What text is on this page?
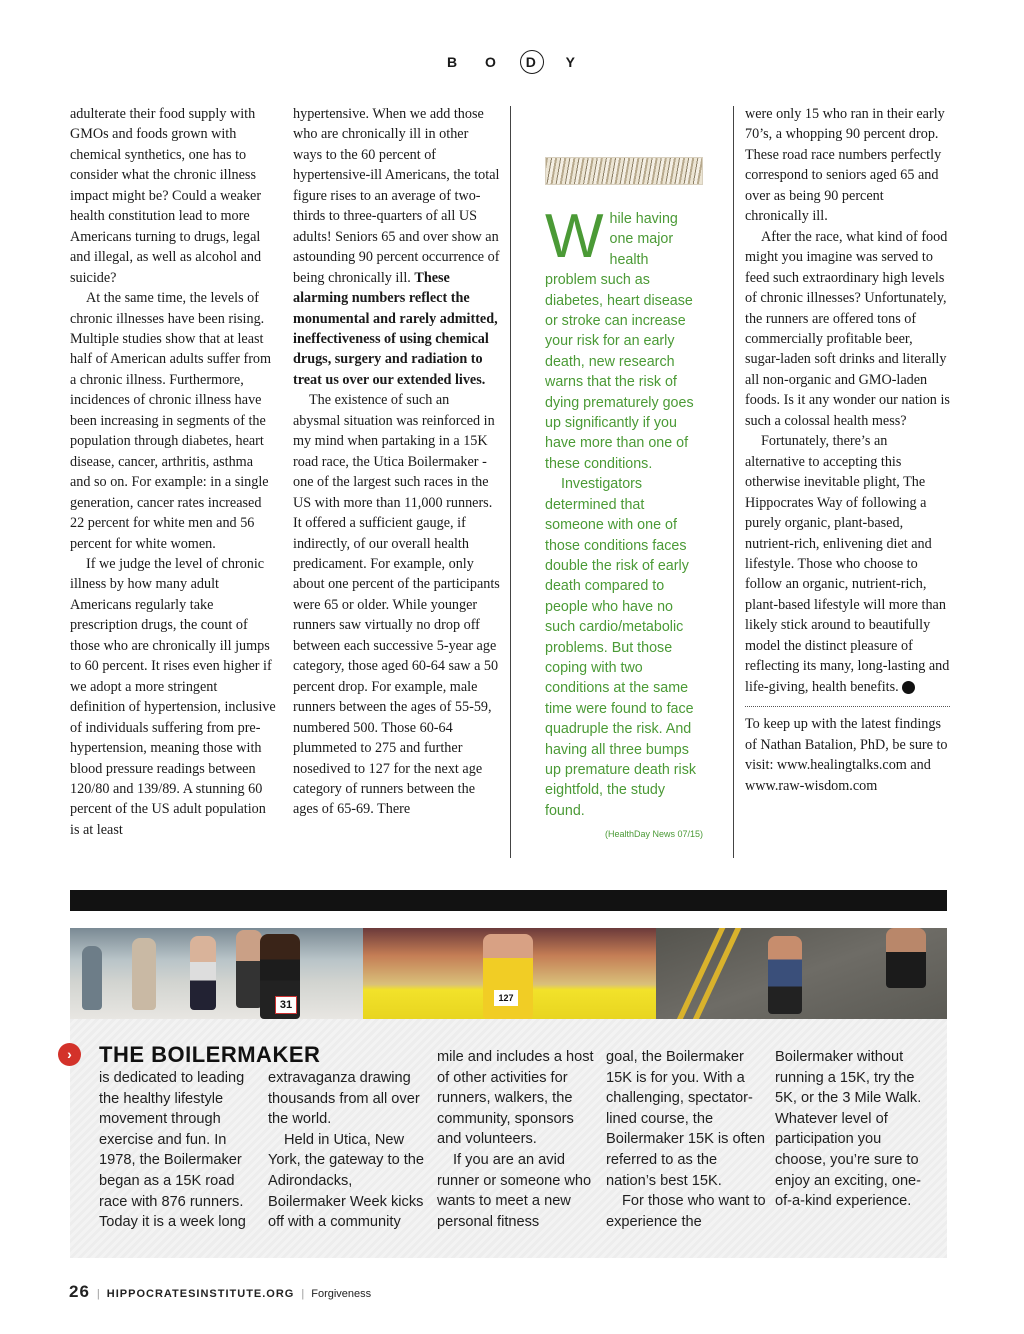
B O D Y

adulterate their food supply with GMOs and foods grown with chemical synthetics, one has to consider what the chronic illness impact might be? Could a weaker health constitution lead to more Americans turning to drugs, legal and illegal, as well as alcohol and suicide?

At the same time, the levels of chronic illnesses have been rising. Multiple studies show that at least half of American adults suffer from a chronic illness. Furthermore, incidences of chronic illness have been increasing in segments of the population through diabetes, heart disease, cancer, arthritis, asthma and so on. For example: in a single generation, cancer rates increased 22 percent for white men and 56 percent for white women.

If we judge the level of chronic illness by how many adult Americans regularly take prescription drugs, the count of those who are chronically ill jumps to 60 percent. It rises even higher if we adopt a more stringent definition of hypertension, inclusive of individuals suffering from pre-hypertension, meaning those with blood pressure readings between 120/80 and 139/89. A stunning 60 percent of the US adult population is at least

hypertensive. When we add those who are chronically ill in other ways to the 60 percent of hypertensive-ill Americans, the total figure rises to an average of two-thirds to three-quarters of all US adults! Seniors 65 and over show an astounding 90 percent occurrence of being chronically ill. These alarming numbers reflect the monumental and rarely admitted, ineffectiveness of using chemical drugs, surgery and radiation to treat us over our extended lives.

The existence of such an abysmal situation was reinforced in my mind when partaking in a 15K road race, the Utica Boilermaker - one of the largest such races in the US with more than 11,000 runners. It offered a sufficient gauge, if indirectly, of our overall health predicament. For example, only about one percent of the participants were 65 or older. While younger runners saw virtually no drop off between each successive 5-year age category, those aged 60-64 saw a 50 percent drop. For example, male runners between the ages of 55-59, numbered 500. Those 60-64 plummeted to 275 and further nosedived to 127 for the next age category of runners between the ages of 65-69. There

While having one major health problem such as diabetes, heart disease or stroke can increase your risk for an early death, new research warns that the risk of dying prematurely goes up significantly if you have more than one of these conditions.

Investigators determined that someone with one of those conditions faces double the risk of early death compared to people who have no such cardio/metabolic problems. But those coping with two conditions at the same time were found to face quadruple the risk. And having all three bumps up premature death risk eightfold, the study found.

(HealthDay News 07/15)

were only 15 who ran in their early 70’s, a whopping 90 percent drop. These road race numbers perfectly correspond to seniors aged 65 and over as being 90 percent chronically ill.

After the race, what kind of food might you imagine was served to feed such extraordinary high levels of chronic illnesses? Unfortunately, the runners are offered tons of commercially profitable beer, sugar-laden soft drinks and literally all non-organic and GMO-laden foods. Is it any wonder our nation is such a colossal health mess?

Fortunately, there’s an alternative to accepting this otherwise inevitable plight, The Hippocrates Way of following a purely organic, plant-based, nutrient-rich, enlivening diet and lifestyle. Those who choose to follow an organic, nutrient-rich, plant-based lifestyle will more than likely stick around to beautifully model the distinct pleasure of reflecting its many, long-lasting and life-giving, health benefits. H

To keep up with the latest findings of Nathan Batalion, PhD, be sure to visit: www.healingtalks.com and www.raw-wisdom.com

31
127
›	THE BOILERMAKER

is dedicated to leading the healthy lifestyle movement through exercise and fun. In 1978, the Boilermaker began as a 15K road race with 876 runners. Today it is a week long

extravaganza drawing thousands from all over the world.

Held in Utica, New York, the gateway to the Adirondacks, Boilermaker Week kicks off with a community

mile and includes a host of other activities for runners, walkers, the community, sponsors and volunteers.

If you are an avid runner or someone who wants to meet a new personal fitness

goal, the Boilermaker 15K is for you. With a challenging, spectator-lined course, the Boilermaker 15K is often referred to as the nation’s best 15K.

For those who want to experience the

Boilermaker without running a 15K, try the 5K, or the 3 Mile Walk. Whatever level of participation you choose, you’re sure to enjoy an exciting, one-of-a-kind experience.

26 | HIPPOCRATESINSTITUTE.ORG | Forgiveness
